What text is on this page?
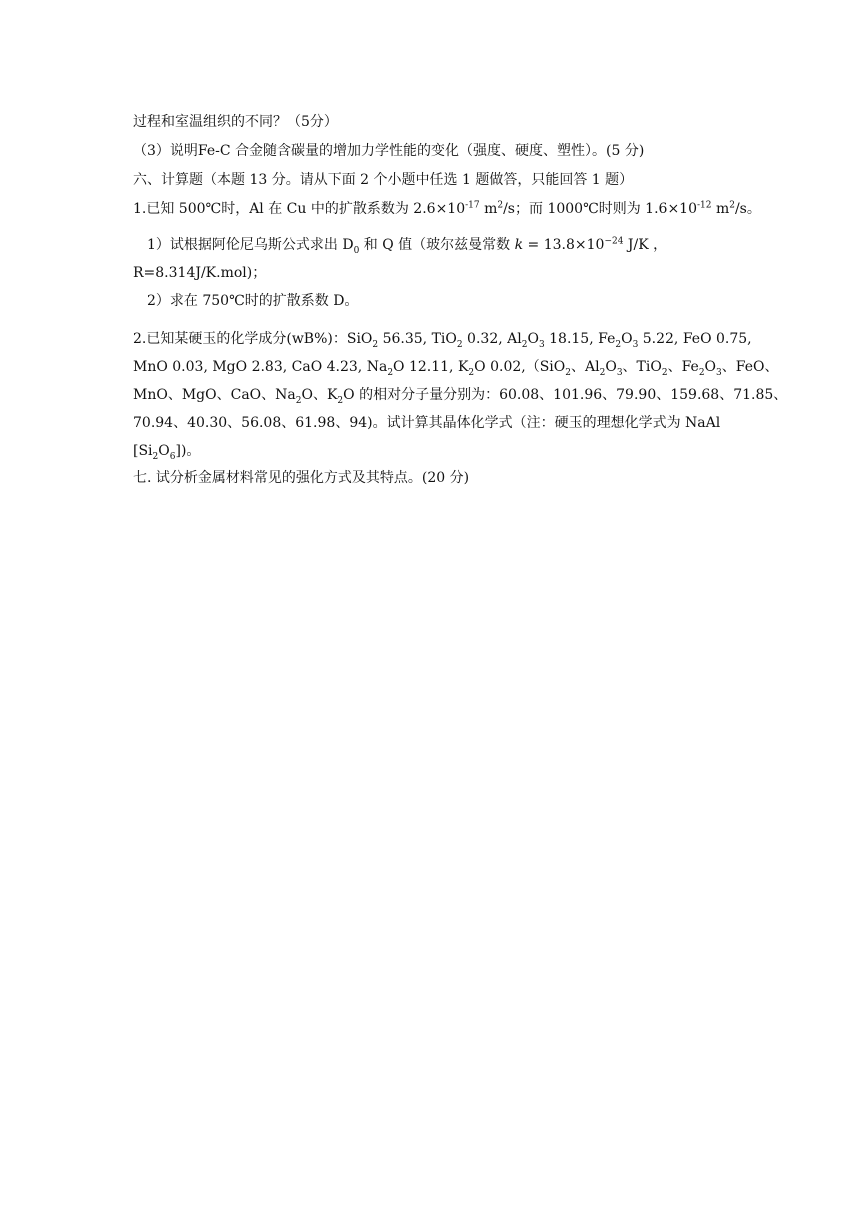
过程和室温组织的不同？（5分）
（3）说明Fe-C 合金随含碳量的增加力学性能的变化（强度、硬度、塑性）。(5 分)
六、计算题（本题 13 分。请从下面 2 个小题中任选 1 题做答，只能回答 1 题）
1.已知 500℃时，Al 在 Cu 中的扩散系数为 $2.6\times 10^{-17}$ $m^2/s$；而 1000℃时则为 $1.6\times 10^{-12}$ $m^2/s$。
1）试根据阿伦尼乌斯公式求出 $D_0$ 和 Q 值（玻尔兹曼常数 $k = 13.8\times 10^{-24}$ J/K ，
R=8.314J/K.mol)；
2）求在 750℃时的扩散系数 D。
2.已知某硬玉的化学成分(wB%)：SiO$_2$ 56.35, TiO$_2$ 0.32, $Al_2O_3$ 18.15, $Fe_2O_3$ 5.22, FeO 0.75,
MnO 0.03, MgO 2.83, CaO 4.23, $Na_2O$ 12.11, $K_2O$ 0.02,（SiO$_2$、$Al_2O_3$、TiO$_2$、$Fe_2O_3$、FeO、
MnO、MgO、CaO、$Na_2O$、$K_2O$ 的相对分子量分别为：60.08、101.96、79.90、159.68、71.85、
70.94、40.30、56.08、61.98、94)。试计算其晶体化学式（注：硬玉的理想化学式为 NaAl
$[Si_2O_6]$)。
七. 试分析金属材料常见的强化方式及其特点。(20 分)
